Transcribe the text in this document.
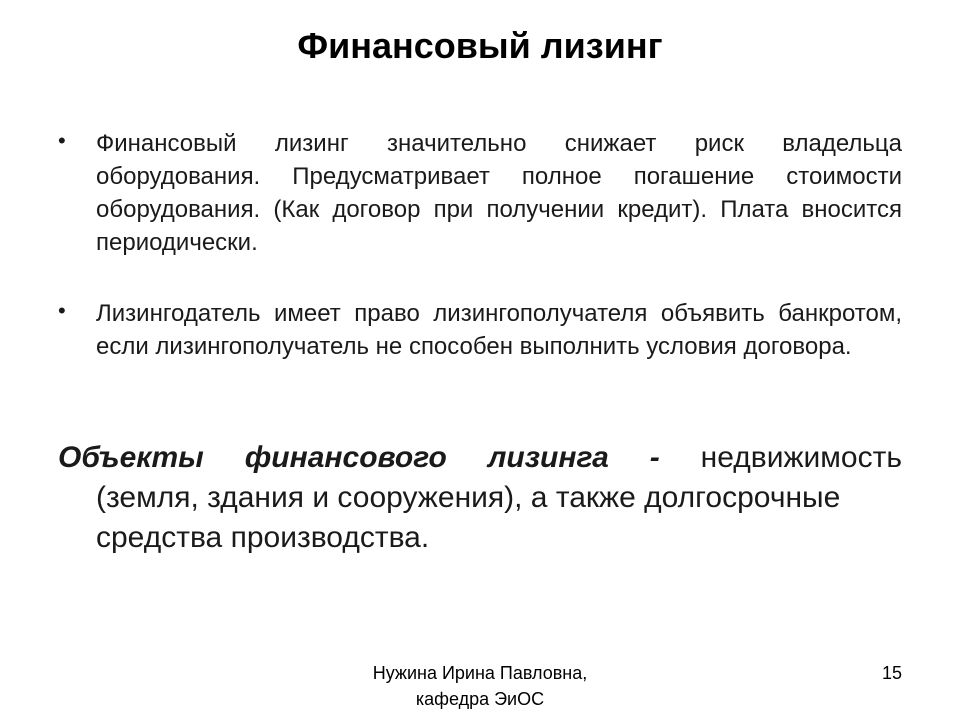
Финансовый лизинг
• Финансовый лизинг значительно снижает риск владельца оборудования. Предусматривает полное погашение стоимости оборудования. (Как договор при получении кредит). Плата вносится периодически.
• Лизингодатель имеет право лизингополучателя объявить банкротом, если лизингополучатель не способен выполнить условия договора.
Объекты финансового лизинга - недвижимость
(земля, здания и сооружения), а также долгосрочные средства производства.
Нужина Ирина Павловна,
кафедра ЭиОС
15
